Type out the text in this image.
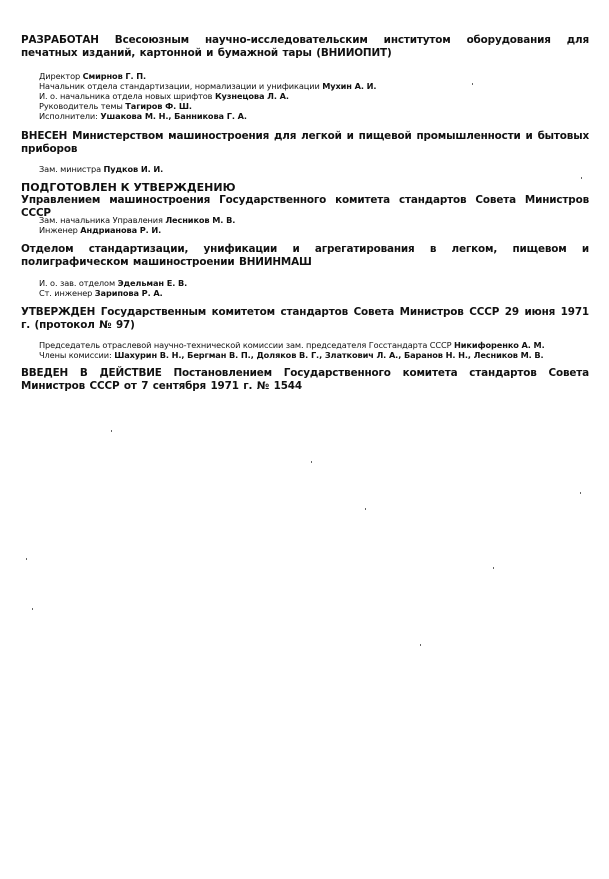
РАЗРАБОТАН Всесоюзным научно-исследовательским институтом оборудования для печатных изданий, картонной и бумажной тары (ВНИИОПИТ)
Директор Смирнов Г. П.
Начальник отдела стандартизации, нормализации и унификации Мухин А. И.
И. о. начальника отдела новых шрифтов Кузнецова Л. А.
Руководитель темы Тагиров Ф. Ш.
Исполнители: Ушакова М. Н., Банникова Г. А.
ВНЕСЕН Министерством машиностроения для легкой и пищевой промышленности и бытовых приборов
Зам. министра Пудков И. И.
ПОДГОТОВЛЕН К УТВЕРЖДЕНИЮ
Управлением машиностроения Государственного комитета стандартов Совета Министров СССР
Зам. начальника Управления Лесников М. В.
Инженер Андрианова Р. И.
Отделом стандартизации, унификации и агрегатирования в легком, пищевом и полиграфическом машиностроении ВНИИНМАШ
И. о. зав. отделом Эдельман Е. В.
Ст. инженер Зарипова Р. А.
УТВЕРЖДЕН Государственным комитетом стандартов Совета Министров СССР 29 июня 1971 г. (протокол № 97)
Председатель отраслевой научно-технической комиссии зам. председателя Госстандарта СССР Никифоренко А. М.
Члены комиссии: Шахурин В. Н., Бергман В. П., Доляков В. Г., Златкович Л. А., Баранов Н. Н., Лесников М. В.
ВВЕДЕН В ДЕЙСТВИЕ Постановлением Государственного комитета стандартов Совета Министров СССР от 7 сентября 1971 г. № 1544
